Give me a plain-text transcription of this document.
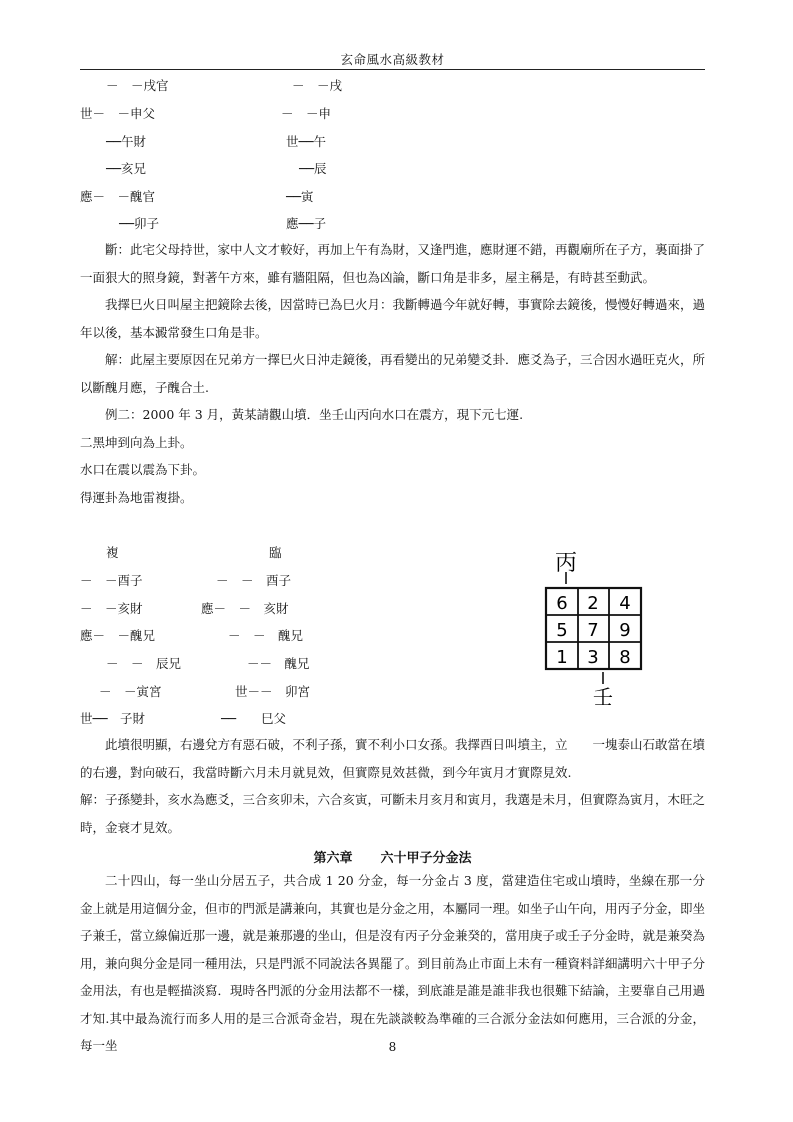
玄命風水高級教材
－　－戌官
世－　－申父
──午財
──亥兄
應－　－醜官
──卯子
－　－戌
－　－申
世──午
──辰
──寅
應──子

斷：此宅父母持世，家中人文才較好，再加上午有為財，又逢門進，應財運不錯，再觀廟所在子方，裏面掛了一面狠大的照身鏡，對著午方來，雖有牆阻隔，但也為凶論，斷口角是非多，屋主稱是，有時甚至動武。

我擇巳火日叫屋主把鏡除去後，因當時已為巳火月：我斷轉過今年就好轉，事實除去鏡後，慢慢好轉過來，過年以後，基本澱常發生口角是非。

解：此屋主要原因在兄弟方一擇巳火日沖走鏡後，再看變出的兄弟變爻卦．應爻為子，三合因水過旺克火，所以斷醜月應，子醜合土.

例二：2000 年 3 月，黃某請觀山墳．坐壬山丙向水口在震方，現下元七運.

二黑坤到向為上卦。

水口在震以震為下卦。

得運卦為地雷複掛。

複	臨
－　－酉子
－　－亥財
應－　－醜兄
－　－　辰兄
－　－寅宮
世──　子財
－　－　酉子
應－　－　亥財
－　－　醜兄
－－　醜兄
世－－　卯宮
──　　巳父
丙
6 2 4
5 7 9
1 3 8
壬

此墳很明顯，右邊兌方有惡石破，不利子孫，實不利小口女孫。我擇酉日叫墳主，立　　一塊泰山石敢當在墳的右邊，對向破石，我當時斷六月未月就見效，但實際見效甚微，到今年寅月才實際見效.

解：子孫變卦，亥水為應爻，三合亥卯未，六合亥寅，可斷未月亥月和寅月，我選是未月，但實際為寅月，木旺之時，金衰才見效。

第六章 六十甲子分金法

二十四山，每一坐山分居五子，共合成 1 20 分金，每一分金占 3 度，當建造住宅或山墳時，坐線在那一分金上就是用這個分金，但市的門派是講兼向，其實也是分金之用，本屬同一理。如坐子山午向，用丙子分金，即坐子兼壬，當立線偏近那一邊，就是兼那邊的坐山，但是沒有丙子分金兼癸的，當用庚子或壬子分金時，就是兼癸為用，兼向與分金是同一種用法，只是門派不同說法各異罷了。到目前為止市面上未有一種資料詳細講明六十甲子分金用法，有也是輕描淡寫．現時各門派的分金用法都不一樣，到底誰是誰是誰非我也很難下結論，主要靠自己用過才知.其中最為流行而多人用的是三合派奇金岩，現在先談談較為準確的三合派分金法如何應用，三合派的分金，每一坐	8
